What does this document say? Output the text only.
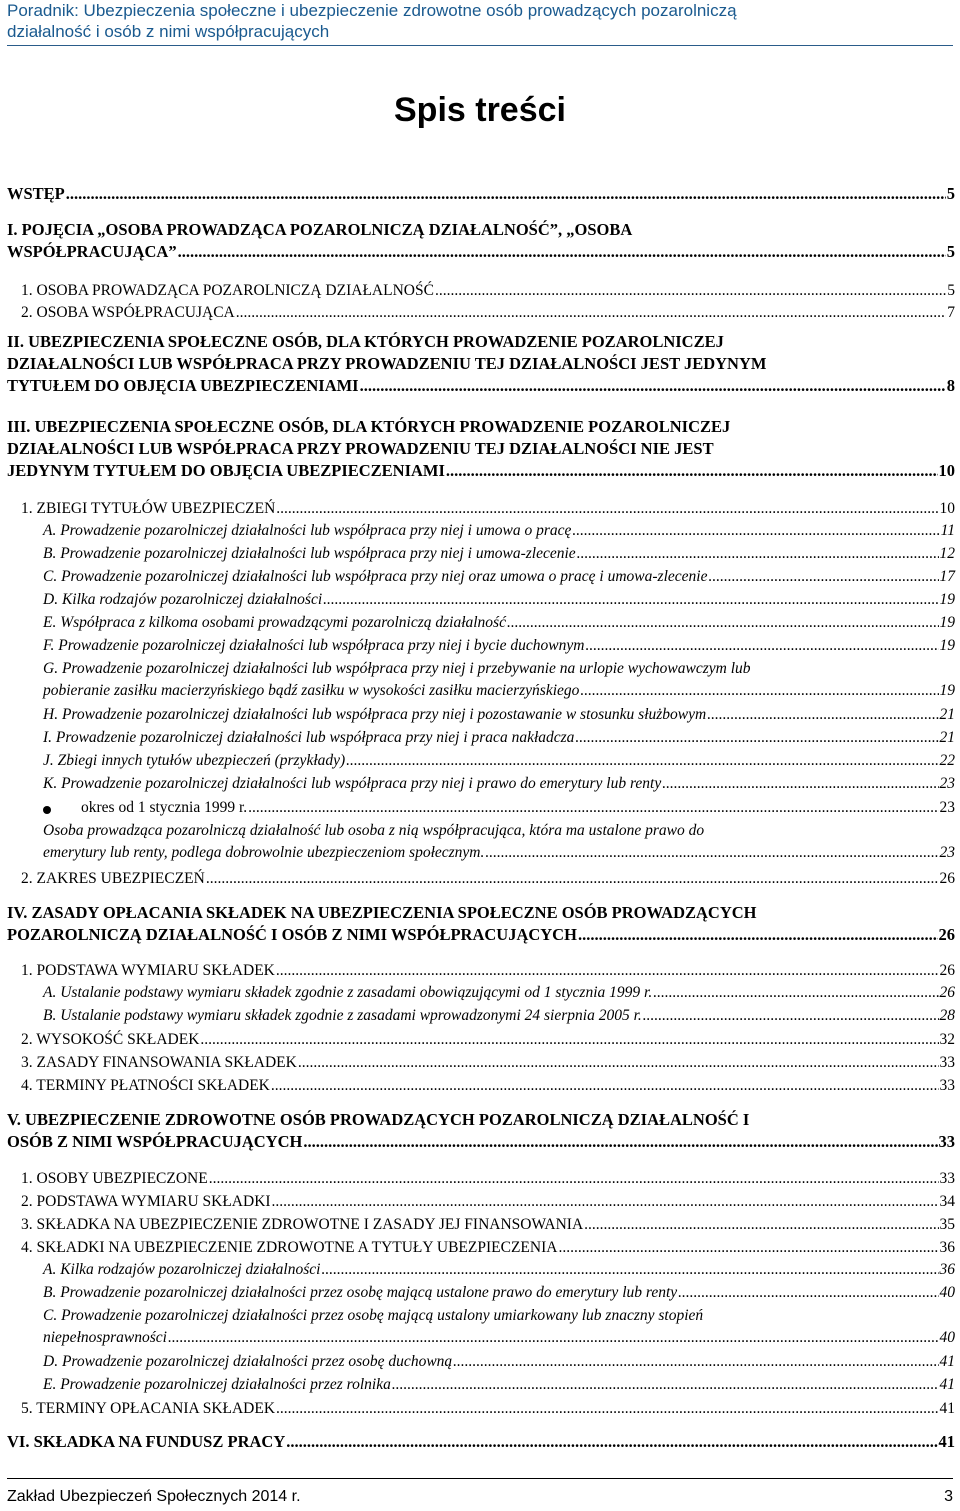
Poradnik: Ubezpieczenia społeczne i ubezpieczenie zdrowotne osób prowadzących pozarolniczą
działalność i osób z nimi współpracujących
Spis treści
WSTĘP .....	5
I. POJĘCIA „OSOBA PROWADZĄCA POZAROLNICZĄ DZIAŁALNOŚĆ”, „OSOBA
WSPÓŁPRACUJĄCA” .....	5
1. OSOBA PROWADZĄCA POZAROLNICZĄ DZIAŁALNOŚĆ .....	5
2. OSOBA WSPÓŁPRACUJĄCA .....	7
II. UBEZPIECZENIA SPOŁECZNE OSÓB, DLA KTÓRYCH PROWADZENIE POZAROLNICZEJ
DZIAŁALNOŚCI LUB WSPÓŁPRACA PRZY PROWADZENIU TEJ DZIAŁALNOŚCI JEST JEDYNYM
TYTUŁEM DO OBJĘCIA UBEZPIECZENIAMI .....	8
III. UBEZPIECZENIA SPOŁECZNE OSÓB, DLA KTÓRYCH PROWADZENIE POZAROLNICZEJ
DZIAŁALNOŚCI LUB WSPÓŁPRACA PRZY PROWADZENIU TEJ DZIAŁALNOŚCI NIE JEST
JEDYNYM TYTUŁEM DO OBJĘCIA UBEZPIECZENIAMI .....	10
1. ZBIEGI TYTUŁÓW UBEZPIECZEŃ .....	10
A. Prowadzenie pozarolniczej działalności lub współpraca przy niej i umowa o pracę .....	11
B. Prowadzenie pozarolniczej działalności lub współpraca przy niej i umowa-zlecenie .....	12
C. Prowadzenie pozarolniczej działalności lub współpraca przy niej oraz umowa o pracę i umowa-zlecenie .....	17
D. Kilka rodzajów pozarolniczej działalności .....	19
E. Współpraca z kilkoma osobami prowadzącymi pozarolniczą działalność .....	19
F. Prowadzenie pozarolniczej działalności lub współpraca przy niej i bycie duchownym .....	19
G. Prowadzenie pozarolniczej działalności lub współpraca przy niej i przebywanie na urlopie wychowawczym lub
pobieranie zasiłku macierzyńskiego bądź zasiłku w wysokości zasiłku macierzyńskiego .....	19
H. Prowadzenie pozarolniczej działalności lub współpraca przy niej i pozostawanie w stosunku służbowym .....	21
I. Prowadzenie pozarolniczej działalności lub współpraca przy niej i praca nakładcza .....	21
J. Zbiegi innych tytułów ubezpieczeń (przykłady) .....	22
K. Prowadzenie pozarolniczej działalności lub współpraca przy niej i prawo do emerytury lub renty .....	23
okres od 1 stycznia 1999 r. .....	23
Osoba prowadząca pozarolniczą działalność lub osoba z nią współpracująca, która ma ustalone prawo do
emerytury lub renty, podlega dobrowolnie ubezpieczeniom społecznym. .....	23
2. ZAKRES UBEZPIECZEŃ .....	26
IV. ZASADY OPŁACANIA SKŁADEK NA UBEZPIECZENIA SPOŁECZNE OSÓB PROWADZĄCYCH
POZAROLNICZĄ DZIAŁALNOŚĆ I OSÓB Z NIMI WSPÓŁPRACUJĄCYCH .....	26
1. PODSTAWA WYMIARU SKŁADEK .....	26
A. Ustalanie podstawy wymiaru składek zgodnie z zasadami obowiązującymi od 1 stycznia 1999 r. .....	26
B. Ustalanie podstawy wymiaru składek zgodnie z zasadami wprowadzonymi 24 sierpnia 2005 r. .....	28
2. WYSOKOŚĆ SKŁADEK .....	32
3. ZASADY FINANSOWANIA SKŁADEK .....	33
4. TERMINY PŁATNOŚCI SKŁADEK .....	33
V. UBEZPIECZENIE ZDROWOTNE OSÓB PROWADZĄCYCH POZAROLNICZĄ DZIAŁALNOŚĆ I
OSÓB Z NIMI WSPÓŁPRACUJĄCYCH .....	33
1. OSOBY UBEZPIECZONE .....	33
2. PODSTAWA WYMIARU SKŁADKI .....	34
3. SKŁADKA NA UBEZPIECZENIE ZDROWOTNE I ZASADY JEJ FINANSOWANIA .....	35
4. SKŁADKI NA UBEZPIECZENIE ZDROWOTNE A TYTUŁY UBEZPIECZENIA .....	36
A. Kilka rodzajów pozarolniczej działalności .....	36
B. Prowadzenie pozarolniczej działalności przez osobę mającą ustalone prawo do emerytury lub renty .....	40
C. Prowadzenie pozarolniczej działalności przez osobę mającą ustalony umiarkowany lub znaczny stopień
niepełnosprawności .....	40
D. Prowadzenie pozarolniczej działalności przez osobę duchowną .....	41
E. Prowadzenie pozarolniczej działalności przez rolnika .....	41
5. TERMINY OPŁACANIA SKŁADEK .....	41
VI. SKŁADKA NA FUNDUSZ PRACY .....	41
Zakład Ubezpieczeń Społecznych 2014 r.	3
